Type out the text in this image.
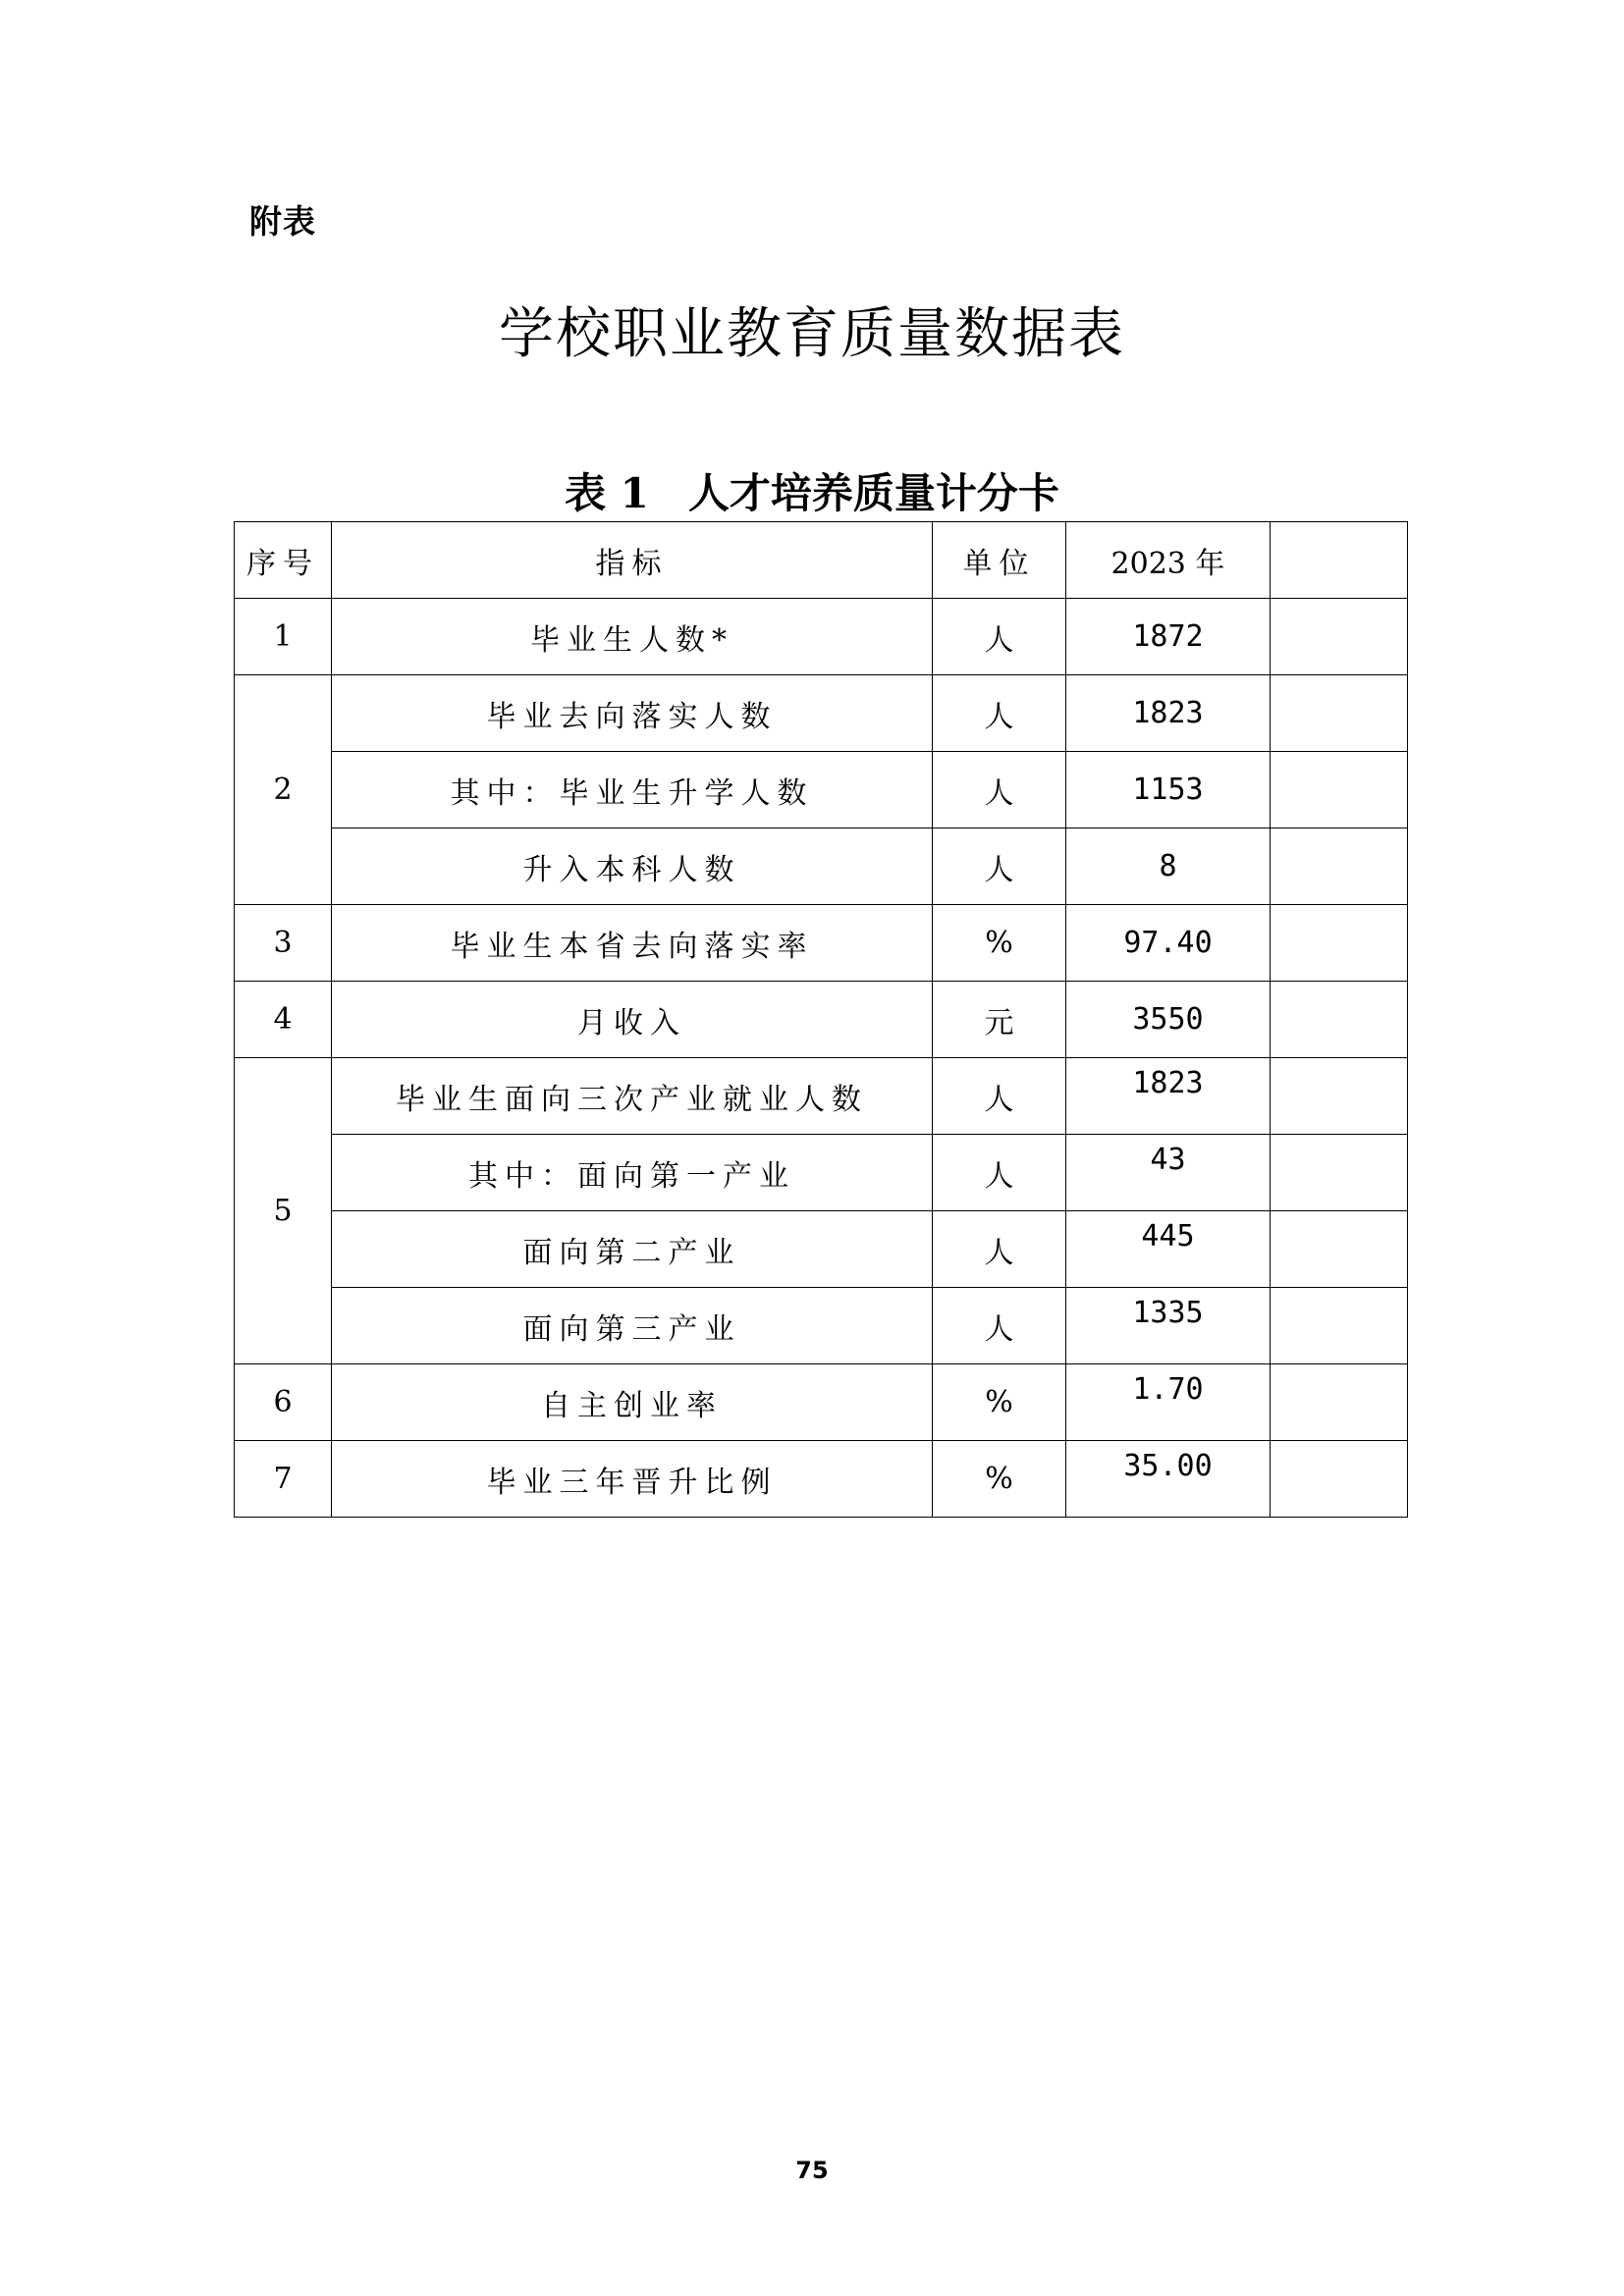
附表
学校职业教育质量数据表
表 1 人才培养质量计分卡
序号	指标	单位	2023 年	
1	毕业生人数*	人	1872	
2	毕业去向落实人数	人	1823	
	其中：毕业生升学人数	人	1153	
	升入本科人数	人	8	
3	毕业生本省去向落实率	%	97.40	
4	月收入	元	3550	
5	毕业生面向三次产业就业人数	人	1823	
	其中：面向第一产业	人	43	
	面向第二产业	人	445	
	面向第三产业	人	1335	
6	自主创业率	%	1.70	
7	毕业三年晋升比例	%	35.00	
75
